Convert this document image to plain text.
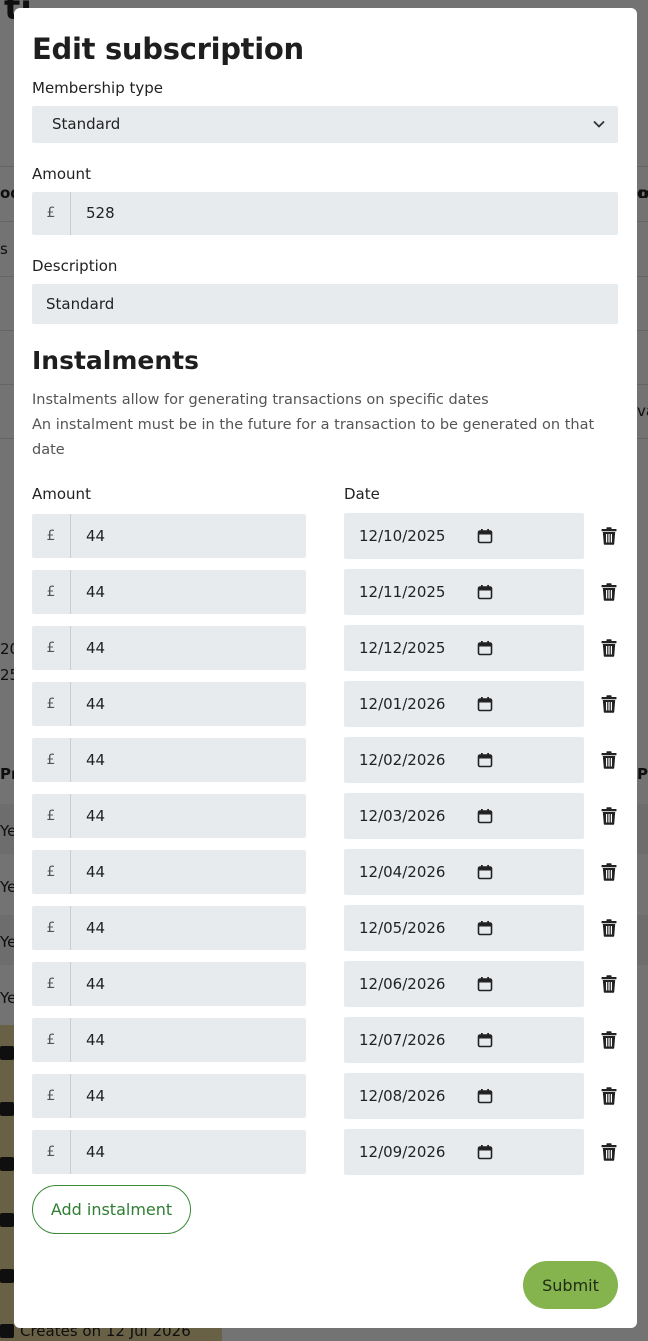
Edit subscription
Membership type
Standard
Amount
£	528
Description
Standard
Instalments
Instalments allow for generating transactions on specific dates
An instalment must be in the future for a transaction to be generated on that date
Amount	Date
£	44	12/10/2025
£	44	12/11/2025
£	44	12/12/2025
£	44	12/01/2026
£	44	12/02/2026
£	44	12/03/2026
£	44	12/04/2026
£	44	12/05/2026
£	44	12/06/2026
£	44	12/07/2026
£	44	12/08/2026
£	44	12/09/2026
Add instalment
Submit
